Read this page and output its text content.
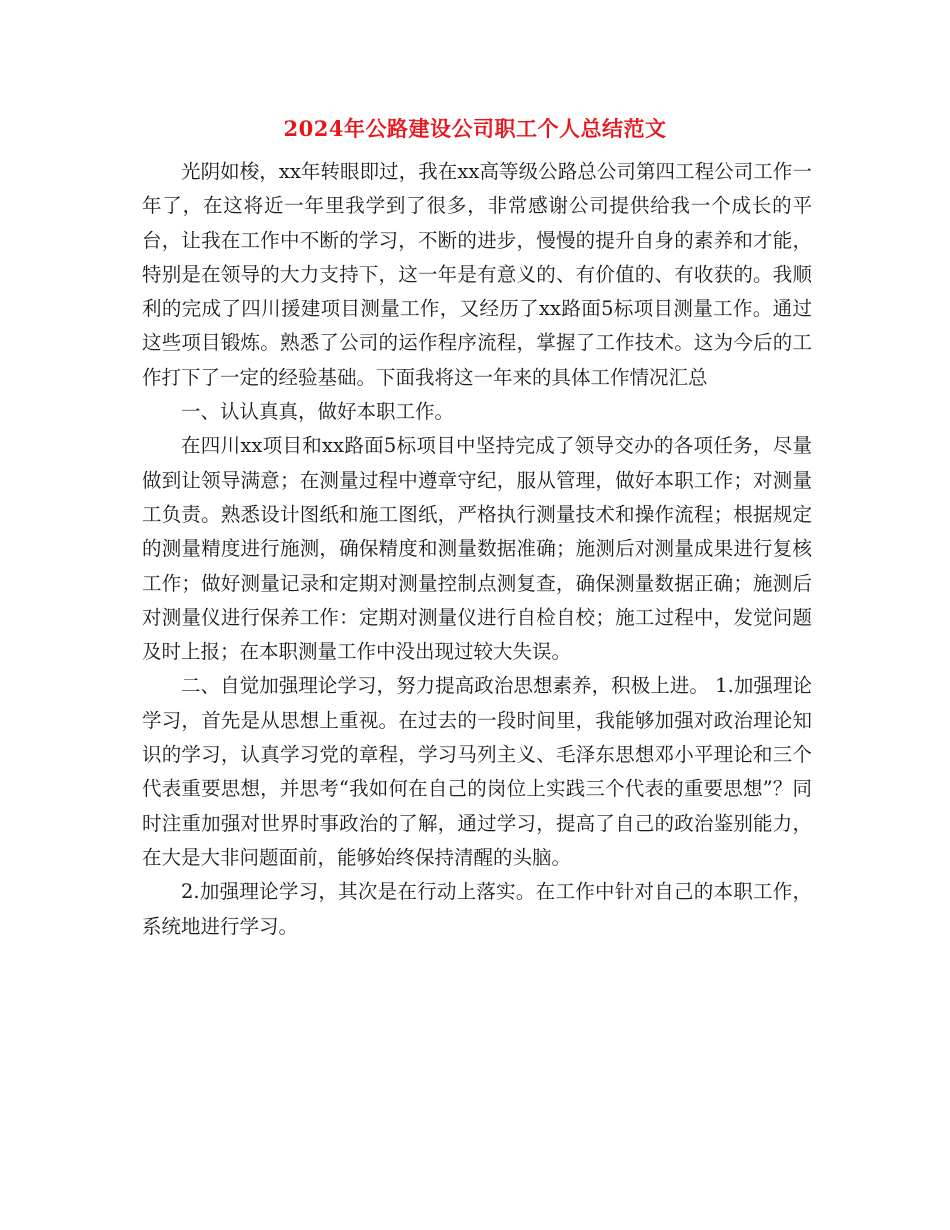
2024年公路建设公司职工个人总结范文

光阴如梭，xx年转眼即过，我在xx高等级公路总公司第四工程公司工作一年了，在这将近一年里我学到了很多，非常感谢公司提供给我一个成长的平台，让我在工作中不断的学习，不断的进步，慢慢的提升自身的素养和才能，特别是在领导的大力支持下，这一年是有意义的、有价值的、有收获的。我顺利的完成了四川援建项目测量工作，又经历了xx路面5标项目测量工作。通过这些项目锻炼。熟悉了公司的运作程序流程，掌握了工作技术。这为今后的工作打下了一定的经验基础。下面我将这一年来的具体工作情况汇总

一、认认真真，做好本职工作。

在四川xx项目和xx路面5标项目中坚持完成了领导交办的各项任务，尽量做到让领导满意；在测量过程中遵章守纪，服从管理，做好本职工作；对测量工负责。熟悉设计图纸和施工图纸，严格执行测量技术和操作流程；根据规定的测量精度进行施测，确保精度和测量数据准确；施测后对测量成果进行复核工作；做好测量记录和定期对测量控制点测复查，确保测量数据正确；施测后对测量仪进行保养工作：定期对测量仪进行自检自校；施工过程中，发觉问题及时上报；在本职测量工作中没出现过较大失误。

二、自觉加强理论学习，努力提高政治思想素养，积极上进。 1.加强理论学习，首先是从思想上重视。在过去的一段时间里，我能够加强对政治理论知识的学习，认真学习党的章程，学习马列主义、毛泽东思想邓小平理论和三个代表重要思想，并思考“我如何在自己的岗位上实践三个代表的重要思想”？同时注重加强对世界时事政治的了解，通过学习，提高了自己的政治鉴别能力，在大是大非问题面前，能够始终保持清醒的头脑。

2.加强理论学习，其次是在行动上落实。在工作中针对自己的本职工作，系统地进行学习。
